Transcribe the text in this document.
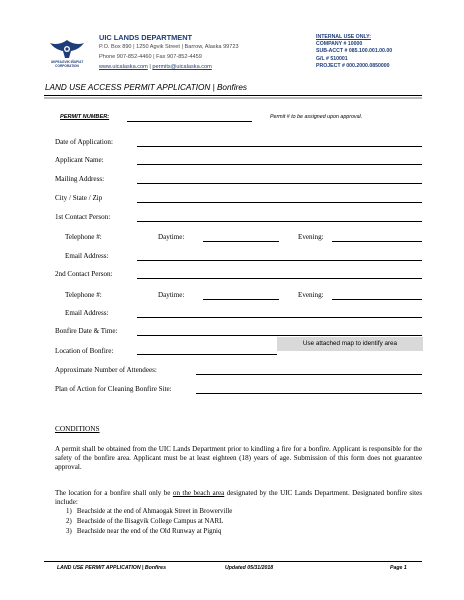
UKPEAGVIK IÑUPIAT CORPORATION
UIC LANDS DEPARTMENT
P.O. Box 890 | 1250 Agvik Street | Barrow, Alaska 99723
Phone 907-852-4460 | Fax 907-852-4459
www.uicalaska.com | permits@uicalaska.com
INTERNAL USE ONLY:
COMPANY # 10000
SUB-ACCT # 085.100.001.00.00
G/L # 510001
PROJECT # 000.2000.0850000
LAND USE ACCESS PERMIT APPLICATION | Bonfires
PERMIT NUMBER:	Permit # to be assigned upon approval.
Date of Application:
Applicant Name:
Mailing Address:
City / State / Zip
1st Contact Person:
Telephone #:	Daytime:	Evening:
Email Address:
2nd Contact Person:
Telephone #:	Daytime:	Evening:
Email Address:
Bonfire Date & Time:
Location of Bonfire:
Use attached map to identify area
Approximate Number of Attendees:
Plan of Action for Cleaning Bonfire Site:
CONDITIONS
A permit shall be obtained from the UIC Lands Department prior to kindling a fire for a bonfire. Applicant is responsible for the safety of the bonfire area. Applicant must be at least eighteen (18) years of age. Submission of this form does not guarantee approval.
The location for a bonfire shall only be on the beach area designated by the UIC Lands Department. Designated bonfire sites include:
1)   Beachside at the end of Ahmaogak Street in Browerville
2)   Beachside of the Ilisagvik College Campus at NARL
3)   Beachside near the end of the Old Runway at Pigniq
LAND USE PERMIT APPLICATION | Bonfires	Updated 05/31/2018	Page 1
